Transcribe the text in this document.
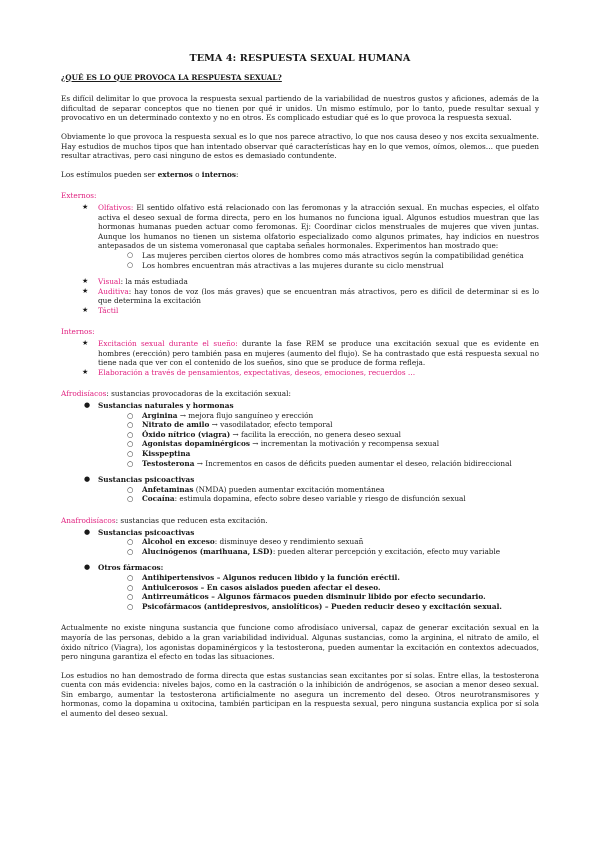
TEMA 4: RESPUESTA SEXUAL HUMANA
¿QUÉ ES LO QUE PROVOCA LA RESPUESTA SEXUAL?

Es difícil delimitar lo que provoca la respuesta sexual partiendo de la variabilidad de nuestros gustos y aficiones, además de la dificultad de separar conceptos que no tienen por qué ir unidos. Un mismo estímulo, por lo tanto, puede resultar sexual y provocativo en un determinado contexto y no en otros. Es complicado estudiar qué es lo que provoca la respuesta sexual.

Obviamente lo que provoca la respuesta sexual es lo que nos parece atractivo, lo que nos causa deseo y nos excita sexualmente. Hay estudios de muchos tipos que han intentado observar qué características hay en lo que vemos, oímos, olemos… que pueden resultar atractivas, pero casi ninguno de estos es demasiado contundente.

Los estímulos pueden ser externos o internos:

Externos:
★ Olfativos: El sentido olfativo está relacionado con las feromonas y la atracción sexual. En muchas especies, el olfato activa el deseo sexual de forma directa, pero en los humanos no funciona igual. Algunos estudios muestran que las hormonas humanas pueden actuar como feromonas. Ej: Coordinar ciclos menstruales de mujeres que viven juntas. Aunque los humanos no tienen un sistema olfatorio especializado como algunos primates, hay indicios en nuestros antepasados de un sistema vomeronasal que captaba señales hormonales. Experimentos han mostrado que:
○ Las mujeres perciben ciertos olores de hombres como más atractivos según la compatibilidad genética
○ Los hombres encuentran más atractivas a las mujeres durante su ciclo menstrual
★ Visual: la más estudiada
★ Auditiva: hay tonos de voz (los más graves) que se encuentran más atractivos, pero es difícil de determinar si es lo que determina la excitación
★ Táctil
Internos:
★ Excitación sexual durante el sueño: durante la fase REM se produce una excitación sexual que es evidente en hombres (erección) pero también pasa en mujeres (aumento del flujo). Se ha contrastado que está respuesta sexual no tiene nada que ver con el contenido de los sueños, sino que se produce de forma refleja.
★ Elaboración a través de pensamientos, expectativas, deseos, emociones, recuerdos …
Afrodisíacos: sustancias provocadoras de la excitación sexual:
● Sustancias naturales y hormonas
○ Arginina → mejora flujo sanguíneo y erección
○ Nitrato de amilo → vasodilatador, efecto temporal
○ Óxido nítrico (viagra) → facilita la erección, no genera deseo sexual
○ Agonistas dopaminérgicos → incrementan la motivación y recompensa sexual
○ Kisspeptina
○ Testosterona → Incrementos en casos de déficits pueden aumentar el deseo, relación bidireccional
● Sustancias psicoactivas
○ Anfetaminas (NMDA) pueden aumentar excitación momentánea
○ Cocaína: estimula dopamina, efecto sobre deseo variable y riesgo de disfunción sexual
Anafrodisíacos: sustancias que reducen esta excitación.
● Sustancias psicoactivas
○ Alcohol en exceso: disminuye deseo y rendimiento sexuañ
○ Alucinógenos (marihuana, LSD): pueden alterar percepción y excitación, efecto muy variable
● Otros fármacos:
○ Antihipertensivos – Algunos reducen libido y la función eréctil.
○ Antiulcerosos – En casos aislados pueden afectar el deseo.
○ Antirreumáticos – Algunos fármacos pueden disminuir libido por efecto secundario.
○ Psicofármacos (antidepresivos, ansiolíticos) – Pueden reducir deseo y excitación sexual.

Actualmente no existe ninguna sustancia que funcione como afrodisíaco universal, capaz de generar excitación sexual en la mayoría de las personas, debido a la gran variabilidad individual. Algunas sustancias, como la arginina, el nitrato de amilo, el óxido nítrico (Viagra), los agonistas dopaminérgicos y la testosterona, pueden aumentar la excitación en contextos adecuados, pero ninguna garantiza el efecto en todas las situaciones.

Los estudios no han demostrado de forma directa que estas sustancias sean excitantes por sí solas. Entre ellas, la testosterona cuenta con más evidencia: niveles bajos, como en la castración o la inhibición de andrógenos, se asocian a menor deseo sexual. Sin embargo, aumentar la testosterona artificialmente no asegura un incremento del deseo. Otros neurotransmisores y hormonas, como la dopamina u oxitocina, también participan en la respuesta sexual, pero ninguna sustancia explica por sí sola el aumento del deseo sexual.
